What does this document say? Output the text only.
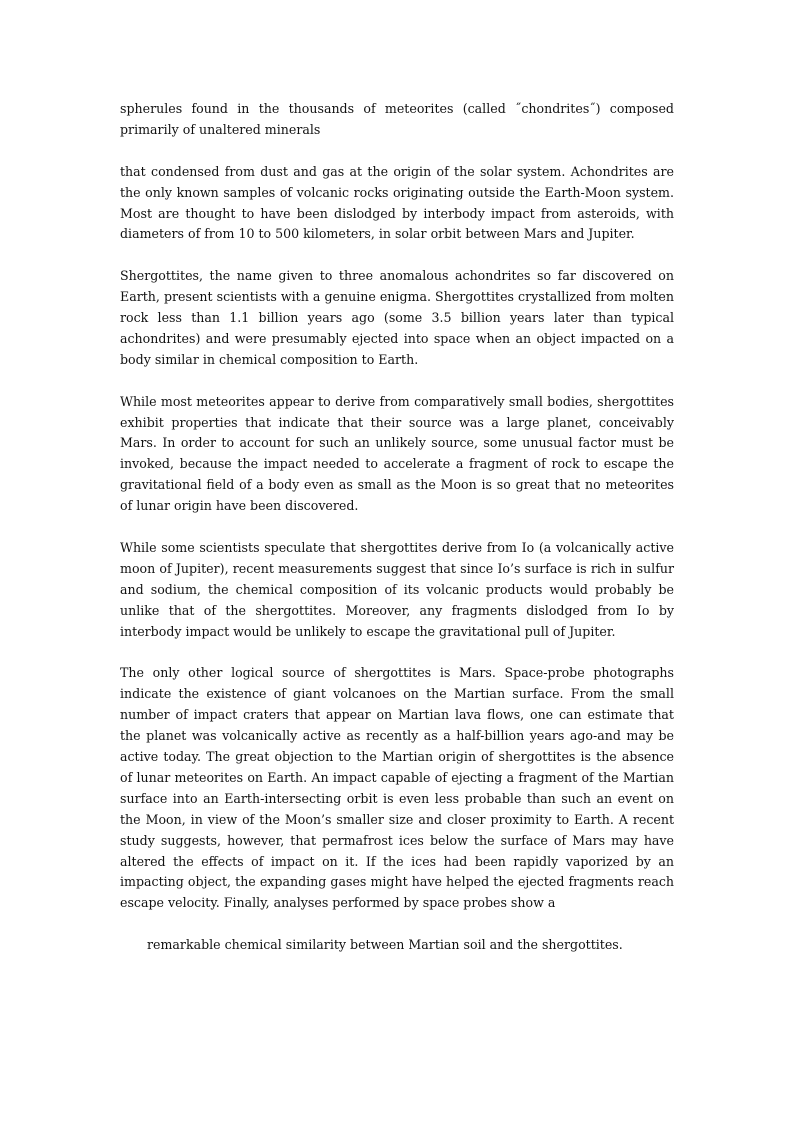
spherules found in the thousands of meteorites (called ˝chondrites˝) composed primarily of unaltered minerals

that condensed from dust and gas at the origin of the solar system. Achondrites are the only known samples of volcanic rocks originating outside the Earth-Moon system. Most are thought to have been dislodged by interbody impact from asteroids, with diameters of from 10 to 500 kilometers, in solar orbit between Mars and Jupiter.

Shergottites, the name given to three anomalous achondrites so far discovered on Earth, present scientists with a genuine enigma. Shergottites crystallized from molten rock less than 1.1 billion years ago (some 3.5 billion years later than typical achondrites) and were presumably ejected into space when an object impacted on a body similar in chemical composition to Earth.

While most meteorites appear to derive from comparatively small bodies, shergottites exhibit properties that indicate that their source was a large planet, conceivably Mars. In order to account for such an unlikely source, some unusual factor must be invoked, because the impact needed to accelerate a fragment of rock to escape the gravitational field of a body even as small as the Moon is so great that no meteorites of lunar origin have been discovered.

While some scientists speculate that shergottites derive from Io (a volcanically active moon of Jupiter), recent measurements suggest that since Io’s surface is rich in sulfur and sodium, the chemical composition of its volcanic products would probably be unlike that of the shergottites. Moreover, any fragments dislodged from Io by interbody impact would be unlikely to escape the gravitational pull of Jupiter.

The only other logical source of shergottites is Mars. Space-probe photographs indicate the existence of giant volcanoes on the Martian surface. From the small number of impact craters that appear on Martian lava flows, one can estimate that the planet was volcanically active as recently as a half-billion years ago-and may be active today. The great objection to the Martian origin of shergottites is the absence of lunar meteorites on Earth. An impact capable of ejecting a fragment of the Martian surface into an Earth-intersecting orbit is even less probable than such an event on the Moon, in view of the Moon’s smaller size and closer proximity to Earth. A recent study suggests, however, that permafrost ices below the surface of Mars may have altered the effects of impact on it. If the ices had been rapidly vaporized by an impacting object, the expanding gases might have helped the ejected fragments reach escape velocity. Finally, analyses performed by space probes show a

remarkable chemical similarity between Martian soil and the shergottites.
